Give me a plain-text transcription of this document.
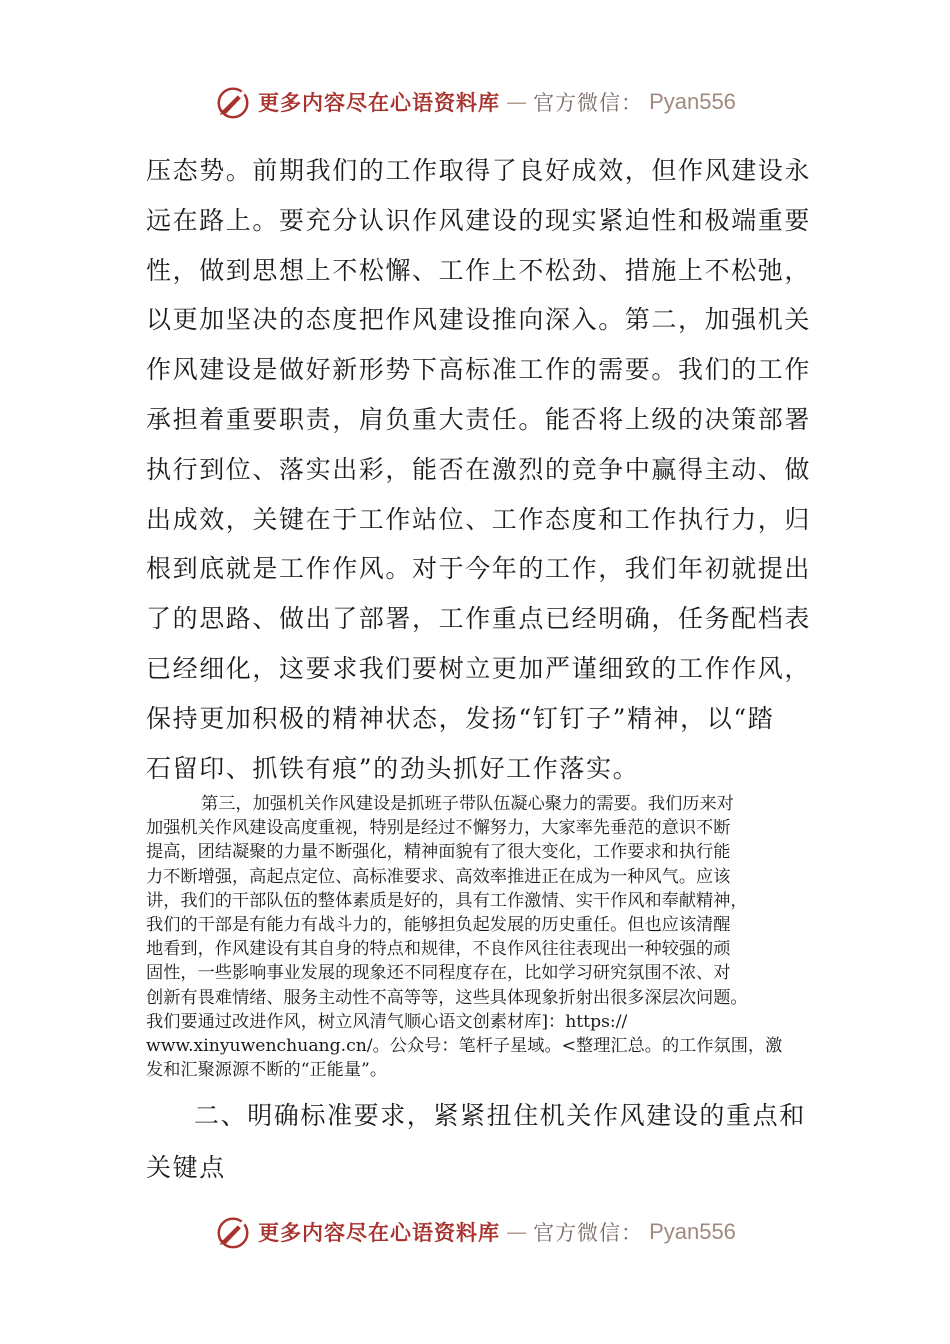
更多内容尽在心语资料库 — 官方微信： Pyan556
压态势。前期我们的工作取得了良好成效，但作风建设永
远在路上。要充分认识作风建设的现实紧迫性和极端重要
性，做到思想上不松懈、工作上不松劲、措施上不松弛，
以更加坚决的态度把作风建设推向深入。第二，加强机关
作风建设是做好新形势下高标准工作的需要。我们的工作
承担着重要职责，肩负重大责任。能否将上级的决策部署
执行到位、落实出彩，能否在激烈的竞争中赢得主动、做
出成效，关键在于工作站位、工作态度和工作执行力，归
根到底就是工作作风。对于今年的工作，我们年初就提出
了的思路、做出了部署，工作重点已经明确，任务配档表
已经细化，这要求我们要树立更加严谨细致的工作作风，
保持更加积极的精神状态，发扬“钉钉子”精神，以“踏
石留印、抓铁有痕”的劲头抓好工作落实。
第三，加强机关作风建设是抓班子带队伍凝心聚力的需要。我们历来对
加强机关作风建设高度重视，特别是经过不懈努力，大家率先垂范的意识不断
提高，团结凝聚的力量不断强化，精神面貌有了很大变化，工作要求和执行能
力不断增强，高起点定位、高标准要求、高效率推进正在成为一种风气。应该
讲，我们的干部队伍的整体素质是好的，具有工作激情、实干作风和奉献精神，
我们的干部是有能力有战斗力的，能够担负起发展的历史重任。但也应该清醒
地看到，作风建设有其自身的特点和规律，不良作风往往表现出一种较强的顽
固性，一些影响事业发展的现象还不同程度存在，比如学习研究氛围不浓、对
创新有畏难情绪、服务主动性不高等等，这些具体现象折射出很多深层次问题。
我们要通过改进作风，树立风清气顺心语文创素材库]：https://
www.xinyuwenchuang.cn/。公众号：笔杆子星域。<整理汇总。的工作氛围，激
发和汇聚源源不断的“正能量”。
二、明确标准要求，紧紧扭住机关作风建设的重点和
关键点
更多内容尽在心语资料库 — 官方微信： Pyan556
